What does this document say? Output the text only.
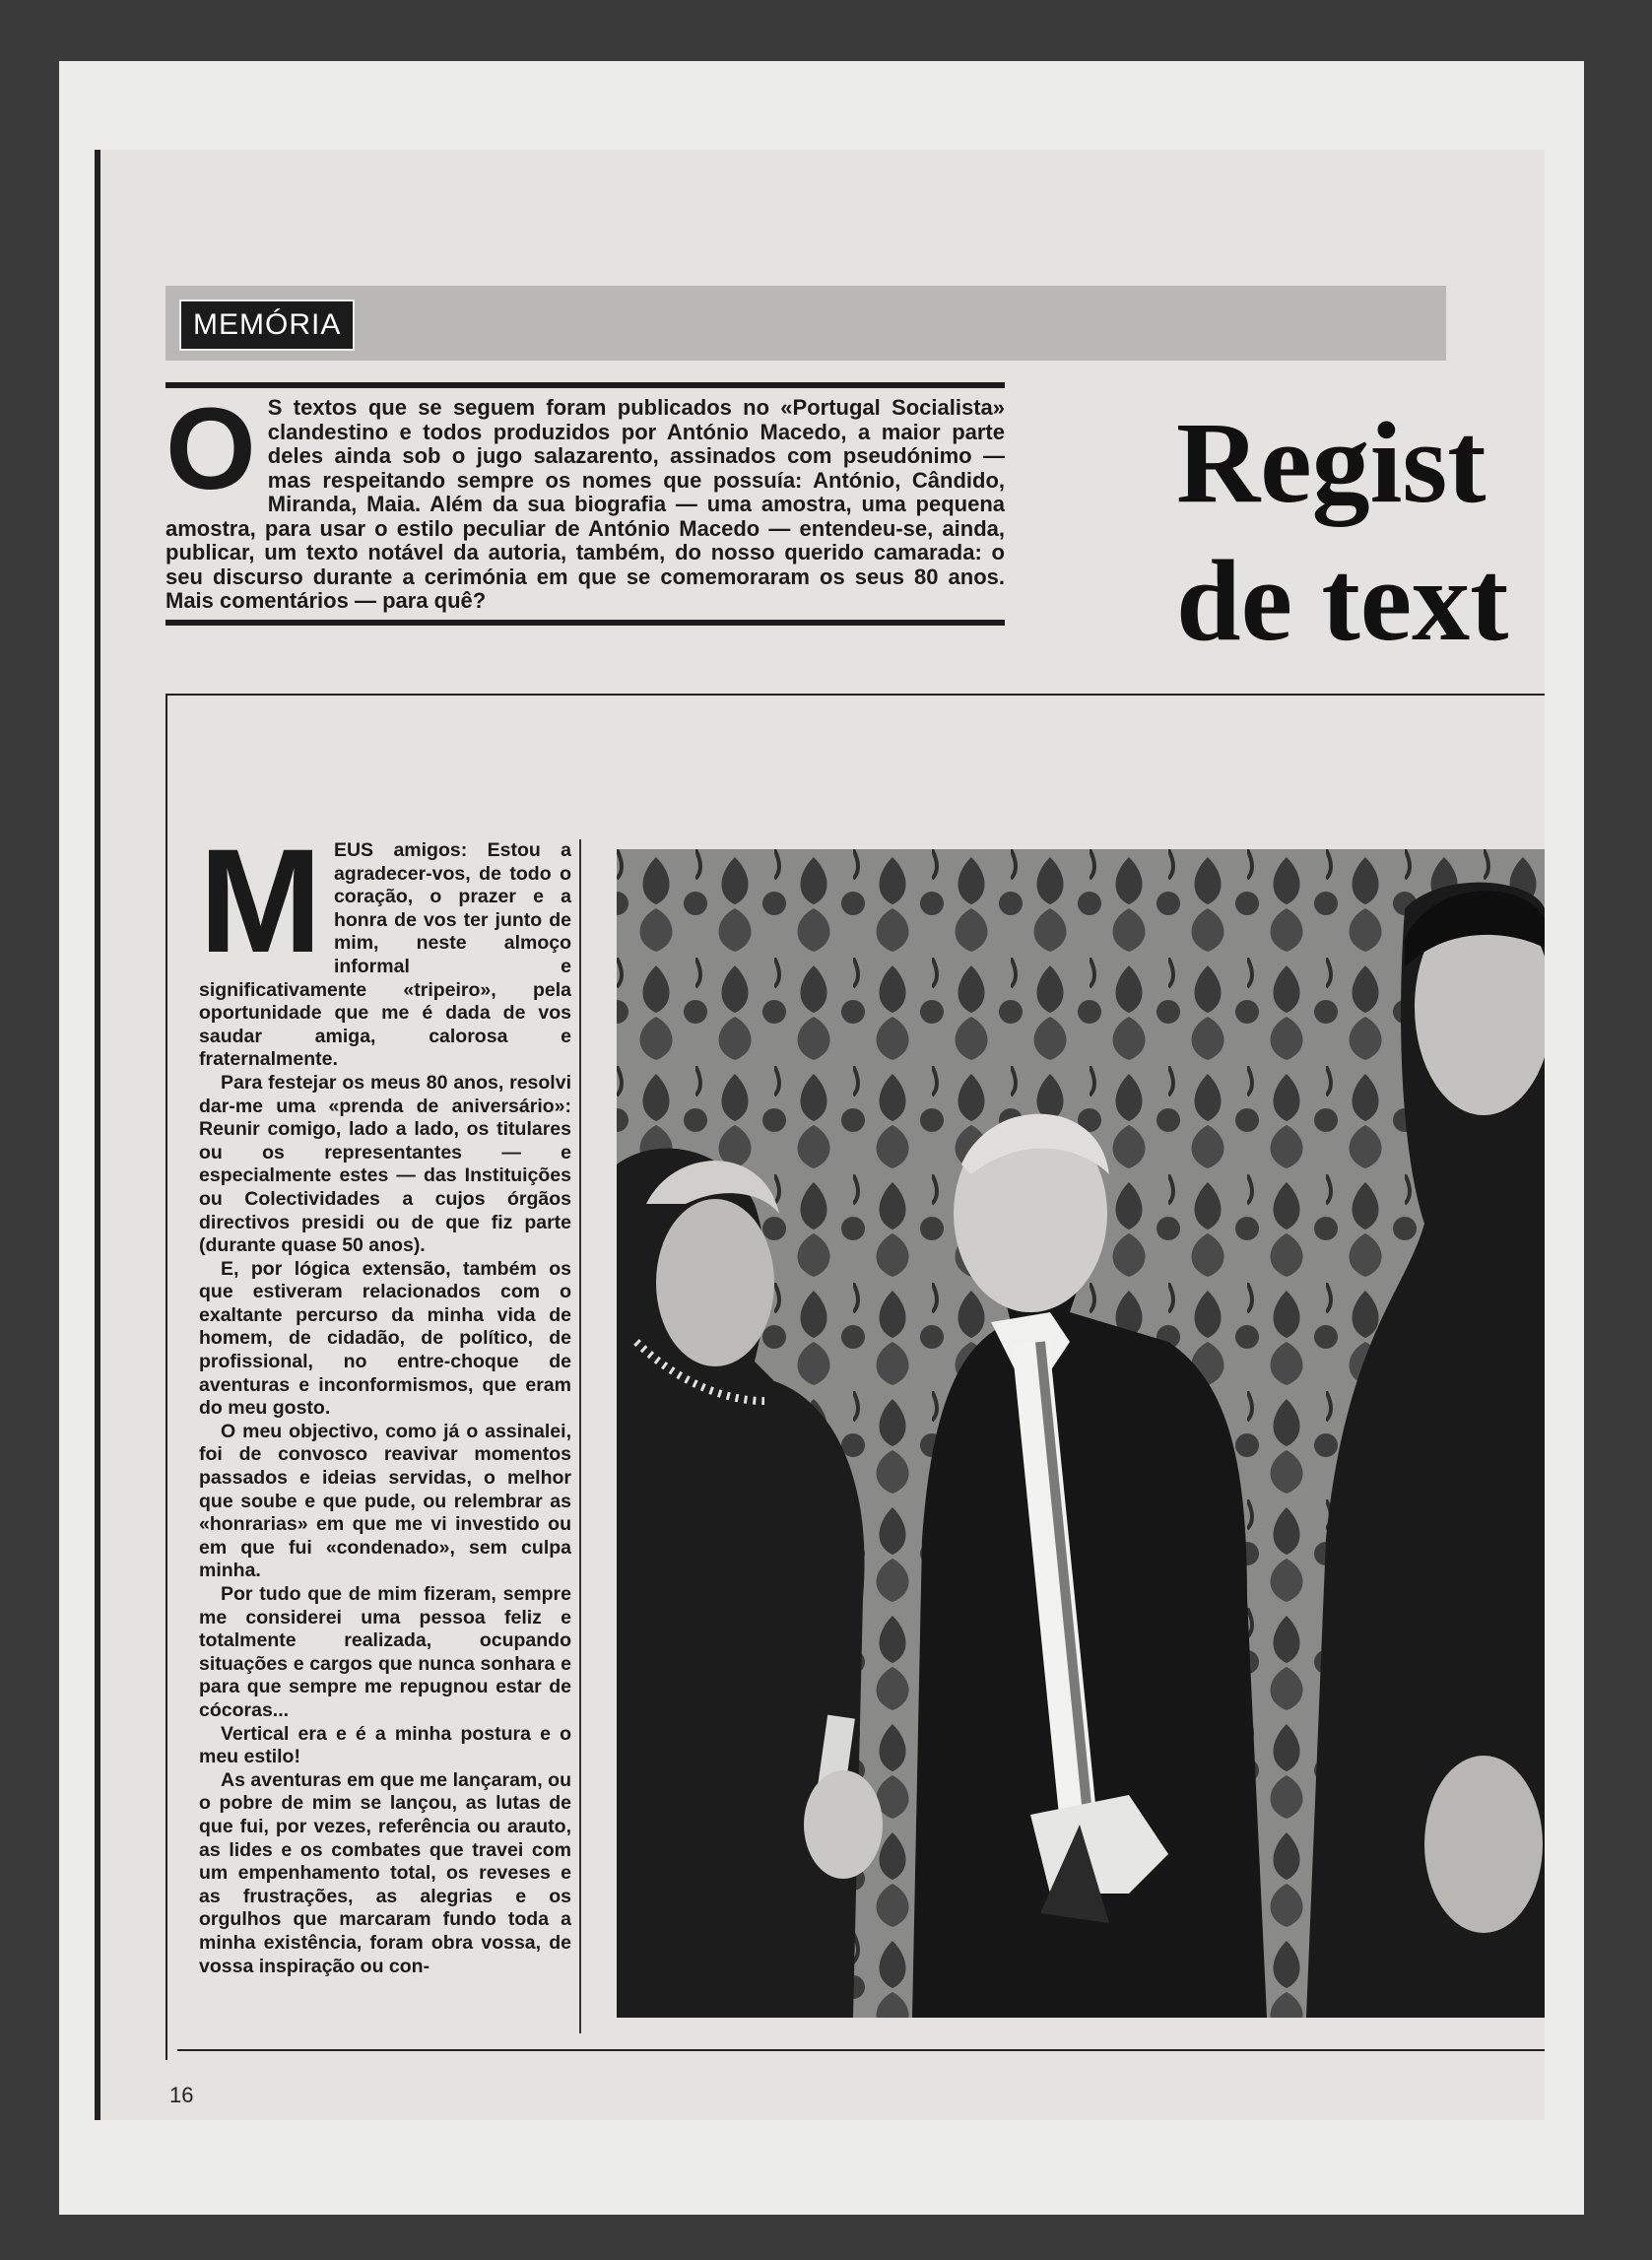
MEMÓRIA
O S textos que se seguem foram publicados no «Portugal Socialista» clandestino e todos produzidos por António Macedo, a maior parte deles ainda sob o jugo salazarento, assinados com pseudónimo — mas respeitando sempre os nomes que possuía: António, Cândido, Miranda, Maia. Além da sua biografia — uma amostra, uma pequena amostra, para usar o estilo peculiar de António Macedo — entendeu-se, ainda, publicar, um texto notável da autoria, também, do nosso querido camarada: o seu discurso durante a cerimónia em que se comemoraram os seus 80 anos. Mais comentários — para quê?
Regist
de text

MEUS amigos: Estou a agradecer-vos, de todo o coração, o prazer e a honra de vos ter junto de mim, neste almoço informal e significativamente «tripeiro», pela oportunidade que me é dada de vos saudar amiga, calorosa e fraternalmente.

Para festejar os meus 80 anos, resolvi dar-me uma «prenda de aniversário»: Reunir comigo, lado a lado, os titulares ou os representantes — e especialmente estes — das Instituições ou Colectividades a cujos órgãos directivos presidi ou de que fiz parte (durante quase 50 anos).

E, por lógica extensão, também os que estiveram relacionados com o exaltante percurso da minha vida de homem, de cidadão, de político, de profissional, no entre-choque de aventuras e inconformismos, que eram do meu gosto.

O meu objectivo, como já o assinalei, foi de convosco reavivar momentos passados e ideias servidas, o melhor que soube e que pude, ou relembrar as «honrarias» em que me vi investido ou em que fui «condenado», sem culpa minha.

Por tudo que de mim fizeram, sempre me considerei uma pessoa feliz e totalmente realizada, ocupando situações e cargos que nunca sonhara e para que sempre me repugnou estar de cócoras...

Vertical era e é a minha postura e o meu estilo!

As aventuras em que me lançaram, ou o pobre de mim se lançou, as lutas de que fui, por vezes, referência ou arauto, as lides e os combates que travei com um empenhamento total, os reveses e as frustrações, as alegrias e os orgulhos que marcaram fundo toda a minha existência, foram obra vossa, de vossa inspiração ou con-

16
